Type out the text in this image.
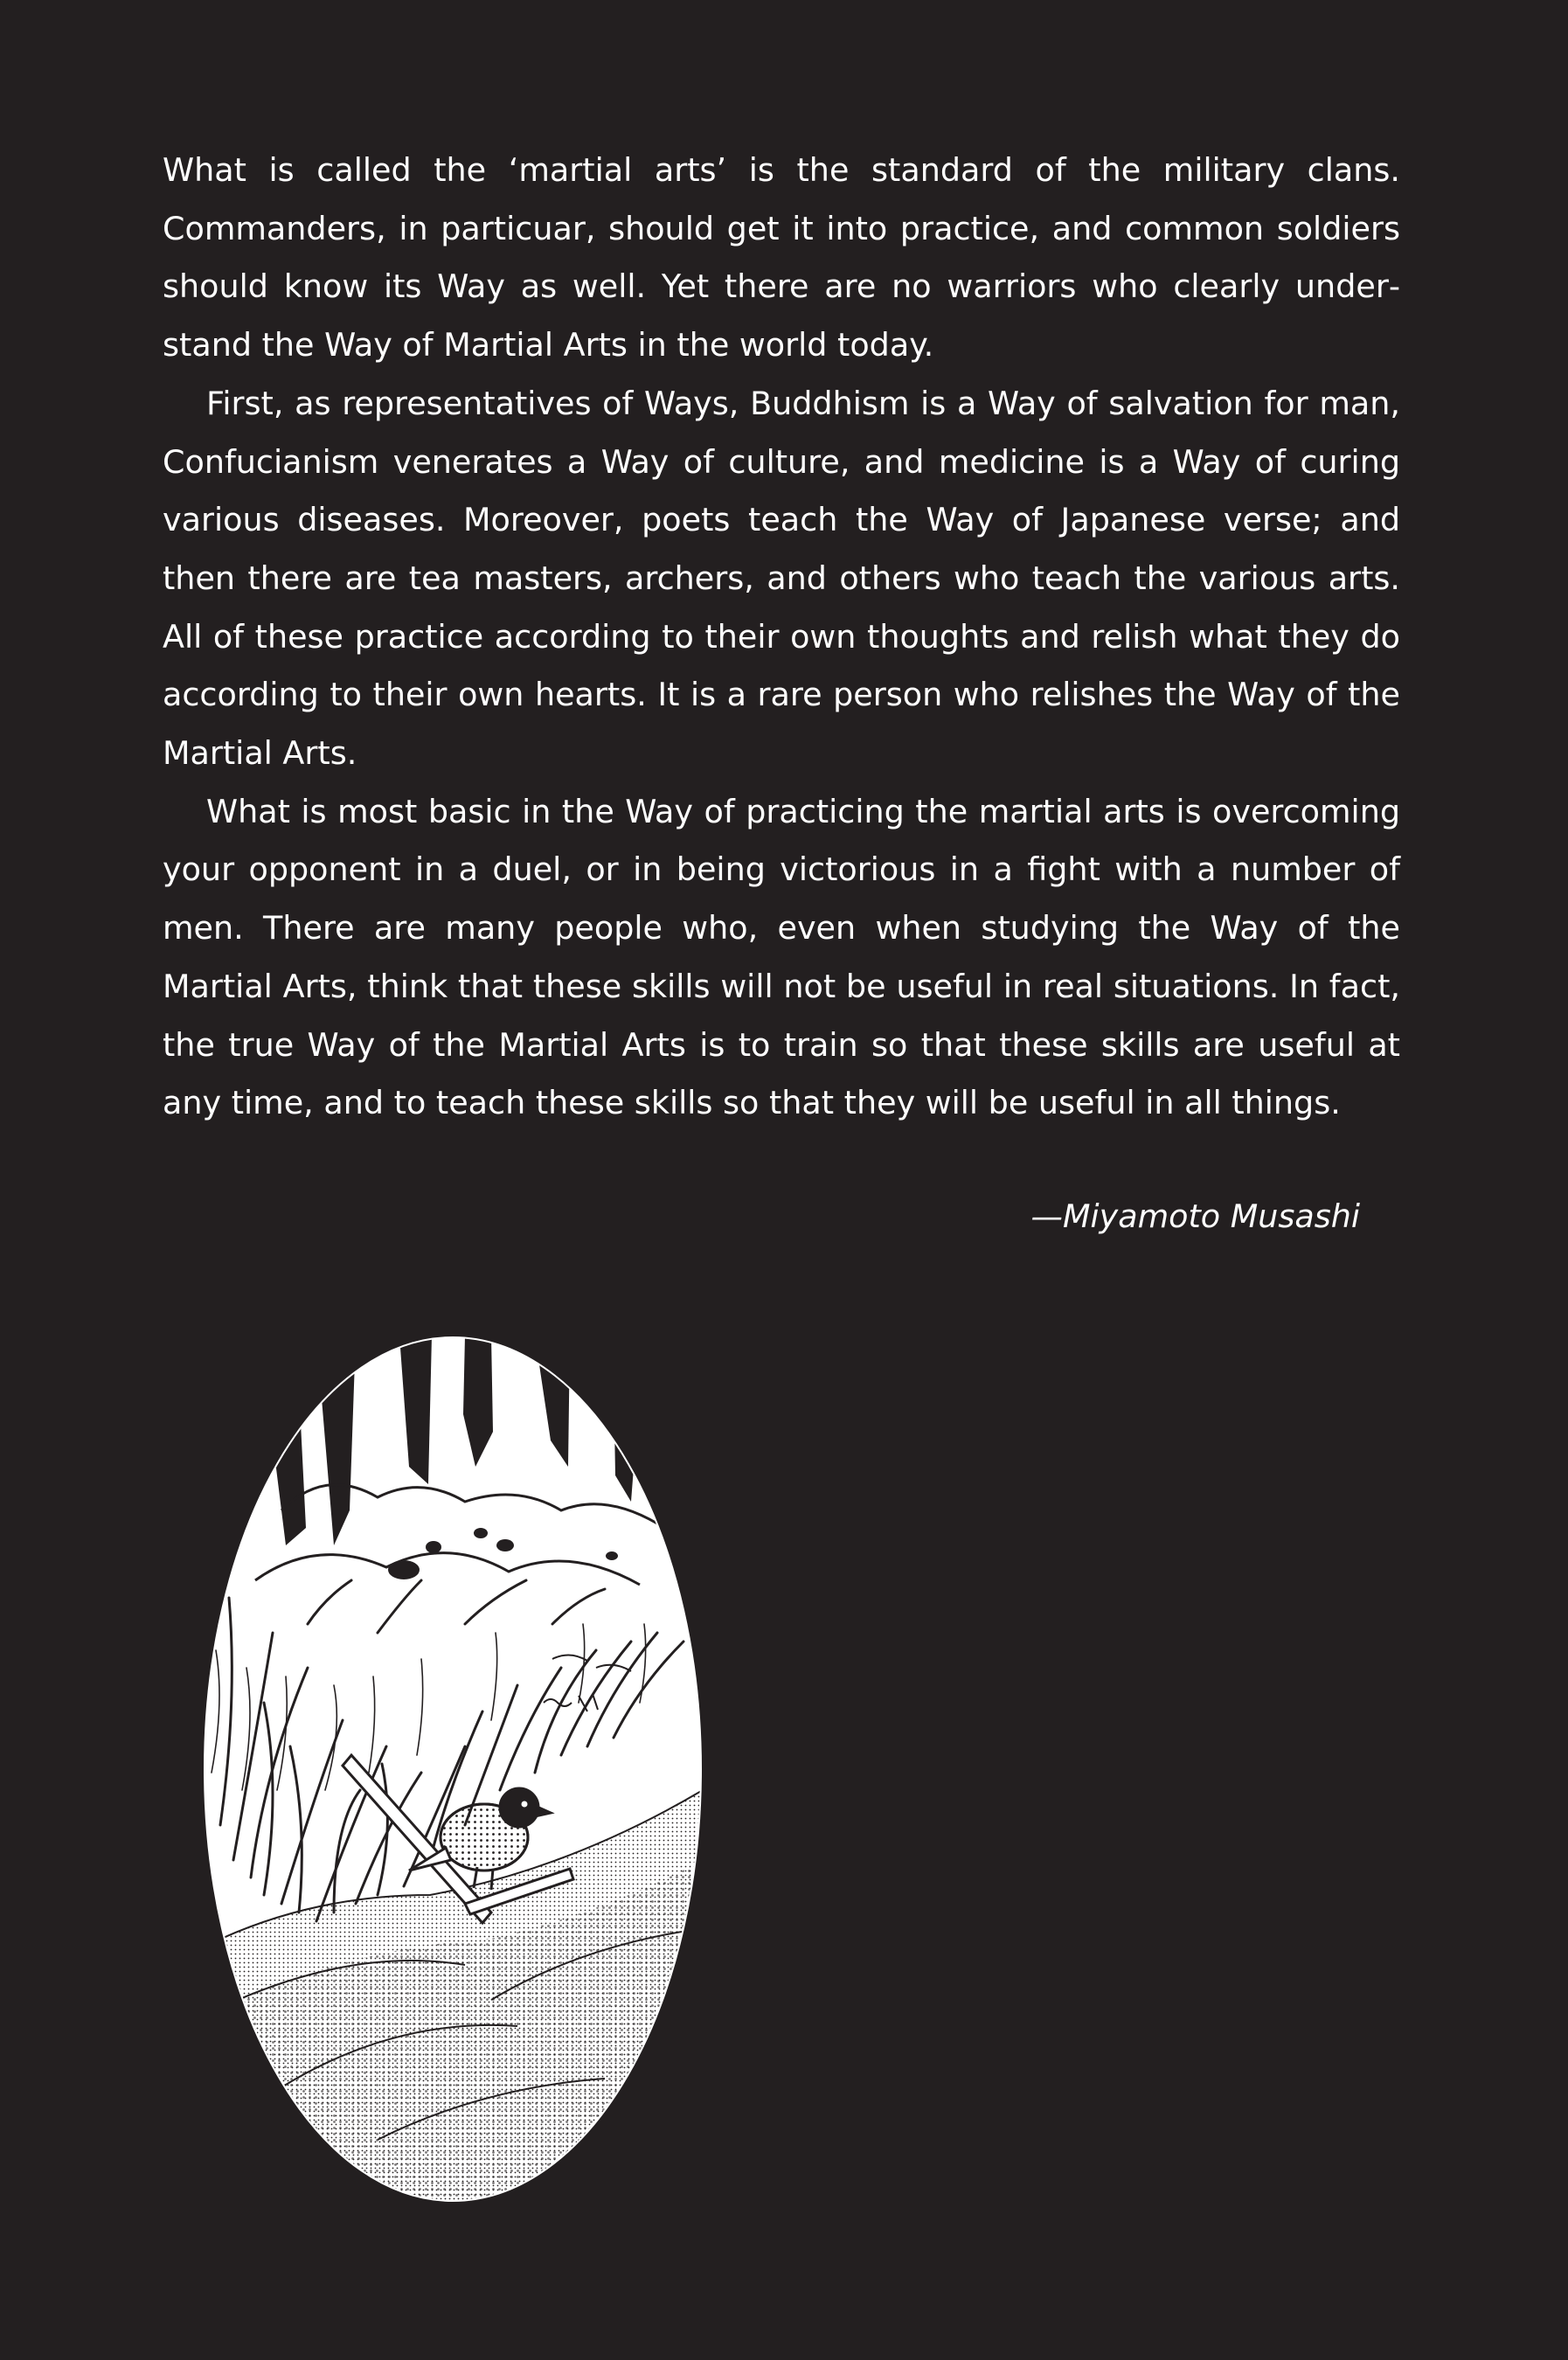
What is called the ‘martial arts’ is the standard of the military clans. Commanders, in particuar, should get it into practice, and common soldiers should know its Way as well. Yet there are no warriors who clearly understand the Way of Martial Arts in the world today.

First, as representatives of Ways, Buddhism is a Way of salvation for man, Confucianism venerates a Way of culture, and medicine is a Way of curing various diseases. Moreover, poets teach the Way of Japanese verse; and then there are tea masters, archers, and others who teach the various arts. All of these practice according to their own thoughts and relish what they do according to their own hearts. It is a rare person who relishes the Way of the Martial Arts.

What is most basic in the Way of practicing the martial arts is overcoming your opponent in a duel, or in being victorious in a fight with a number of men. There are many people who, even when studying the Way of the Martial Arts, think that these skills will not be useful in real situations. In fact, the true Way of the Martial Arts is to train so that these skills are useful at any time, and to teach these skills so that they will be useful in all things.

—Miyamoto Musashi
